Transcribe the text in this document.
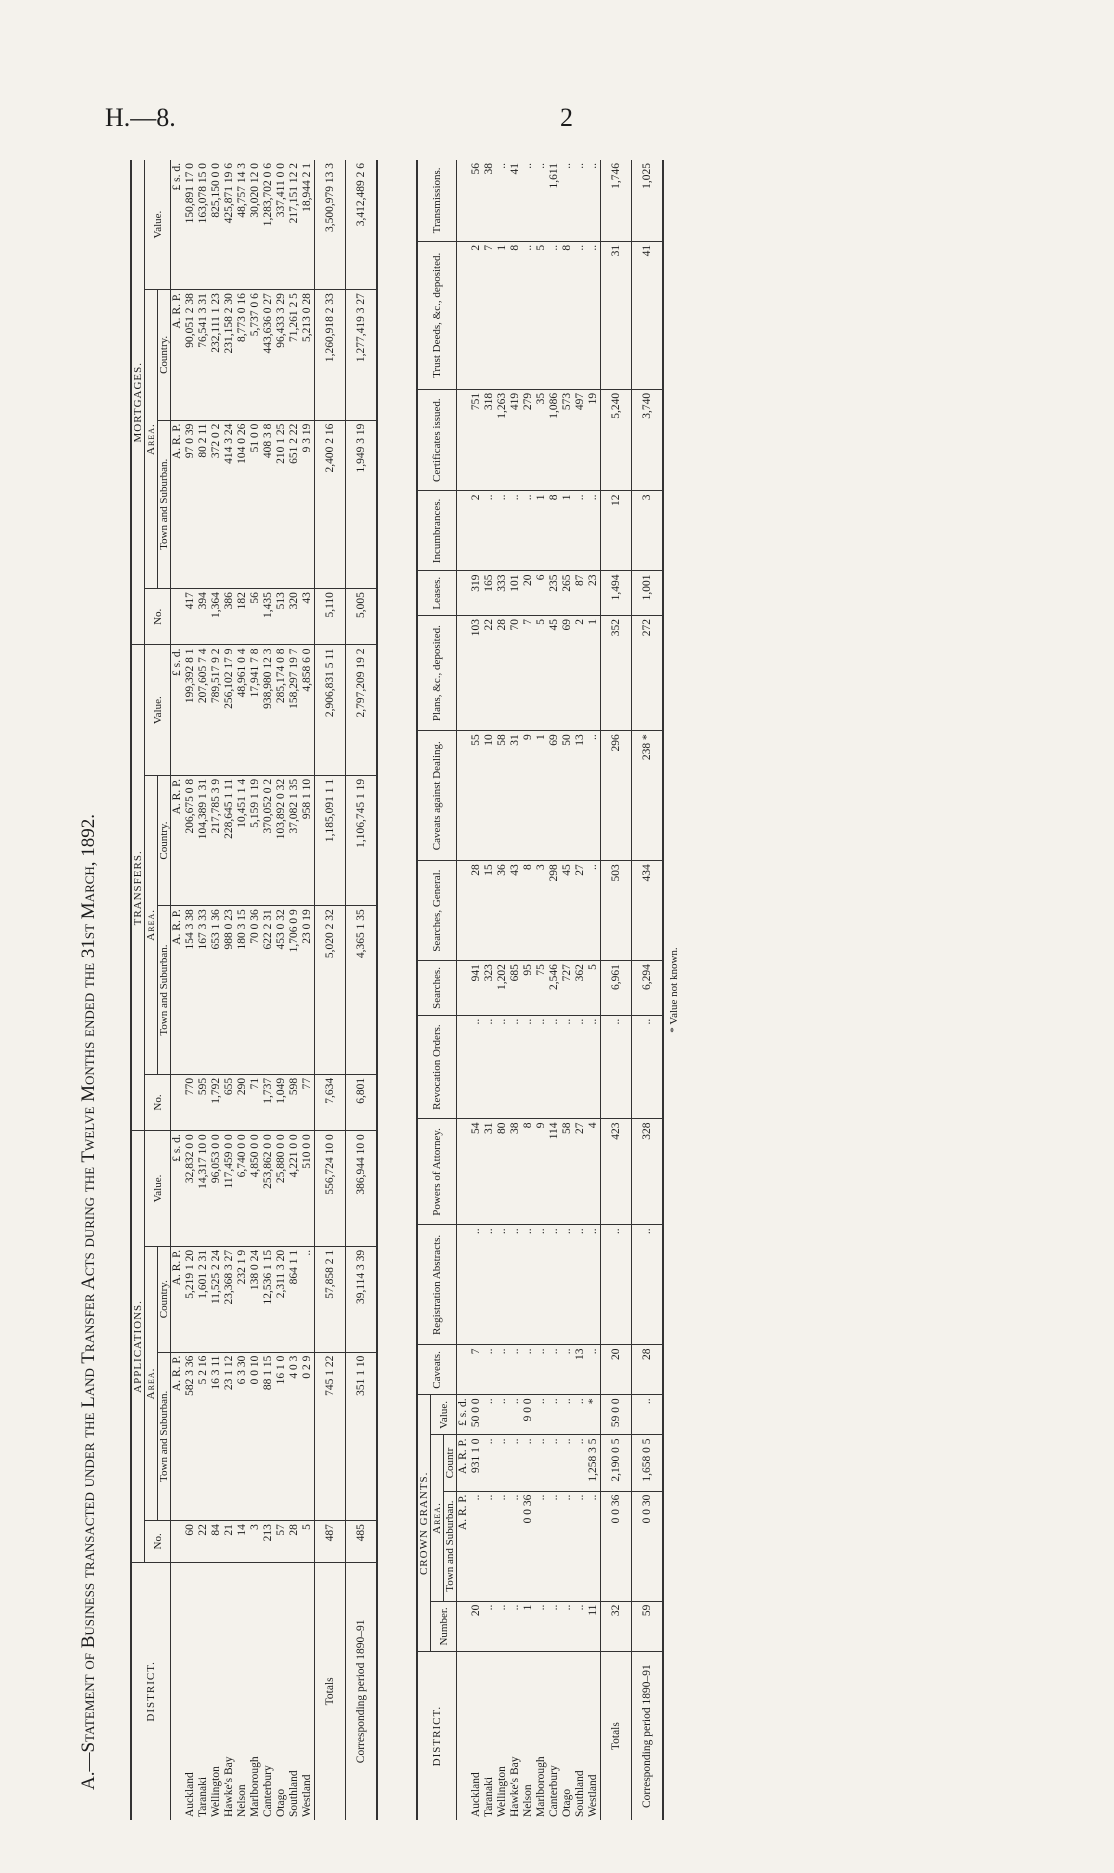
H.—8.	2
A.—Statement of Business transacted under the Land Transfer Acts during the Twelve Months ended the 31st March, 1892.	DISTRICT.	APPLICATIONS.				TRANSFERS.				MORTGAGES.			
	No.	Area.		Value.	No.	Area.		Value.	No.	Area.		Value.
		Town and Suburban.	Country.			Town and Suburban.	Country.			Town and Suburban.	Country.	
		A. R. P.	A. R. P.	£ s. d.		A. R. P.	A. R. P.	£ s. d.		A. R. P.	A. R. P.	£ s. d.
Auckland	60	582 3 36	5,219 1 20	32,832 0 0	770	154 3 38	206,675 0 8	199,392 8 1	417	97 0 39	90,051 2 38	150,891 17 0
Taranaki	22	5 2 16	1,601 2 31	14,317 10 0	595	167 3 33	104,389 1 31	207,605 7 4	394	80 2 11	76,541 3 31	163,078 15 0
Wellington	84	16 3 11	11,525 2 24	96,053 0 0	1,792	653 1 36	217,785 3 9	789,517 9 2	1,364	372 0 2	232,111 1 23	825,150 0 0
Hawke's Bay	21	23 1 12	23,368 3 27	117,459 0 0	655	988 0 23	228,645 1 11	256,102 17 9	386	414 3 24	231,158 2 30	425,871 19 6
Nelson	14	6 3 30	232 1 9	6,740 0 0	290	180 3 15	10,451 1 4	48,961 0 4	182	104 0 26	8,773 0 16	48,757 14 3
Marlborough	3	0 0 10	138 0 24	4,850 0 0	71	70 0 36	5,159 1 19	17,941 7 8	56	51 0 0	5,737 0 6	30,020 12 0
Canterbury	213	88 1 15	12,536 1 15	253,862 0 0	1,737	622 2 31	370,052 0 2	938,980 12 3	1,435	408 3 8	443,636 0 27	1,283,702 0 6
Otago	57	16 1 0	2,311 3 20	25,880 0 0	1,049	453 0 32	103,892 0 32	285,174 0 8	513	210 1 25	96,433 3 29	337,411 0 0
Southland	28	4 0 3	864 1 1	4,221 0 0	598	1,706 0 9	37,082 1 35	158,297 19 7	320	651 2 22	71,261 2 5	217,151 12 2
Westland	5	0 2 9	..	510 0 0	77	23 0 19	958 1 10	4,858 6 0	43	9 3 19	5,213 0 28	18,944 2 1
Totals	487	745 1 22	57,858 2 1	556,724 10 0	7,634	5,020 2 32	1,185,091 1 1	2,906,831 5 11	5,110	2,400 2 16	1,260,918 2 33	3,500,979 13 3
Corresponding period 1890–91	485	351 1 10	39,114 3 39	386,944 10 0	6,801	4,365 1 35	1,106,745 1 19	2,797,209 19 2	5,005	1,949 3 19	1,277,419 3 27	3,412,489 2 6
DISTRICT.	CROWN GRANTS.				Caveats.	Registration Abstracts.	Powers of Attorney.	Revocation Orders.	Searches.	Searches, General.	Caveats against Dealing.	Plans, &c., deposited.	Leases.	Incumbrances.	Certificates issued.	Trust Deeds, &c., deposited.	Transmissions.
	Number.	Area.		Value.													
		Town and Suburban.	Countr														
		A. R. P.	A. R. P.	£ s. d.													
Auckland	20	..	931 1 0	50 0 0	7	..	54	..	941	28	55	103	319	2	751	2	56
Taranaki	..	..	..	..	..	..	31	..	323	15	10	22	165	..	318	7	38
Wellington	..	..	..	..	..	..	80	..	1,202	36	58	28	333	..	1,263	1	..
Hawke's Bay	..	..	..	..	..	..	38	..	685	43	31	70	101	..	419	8	41
Nelson	1	0 0 36	..	9 0 0	..	..	8	..	95	8	9	7	20	..	279	..	..
Marlborough	..	..	..	..	..	..	9	..	75	3	1	5	6	1	35	5	..
Canterbury	..	..	..	..	..	..	114	..	2,546	298	69	45	235	8	1,086	..	1,611
Otago	..	..	..	..	..	..	58	..	727	45	50	69	265	1	573	8	..
Southland	..	..	..	..	13	..	27	..	362	27	13	2	87	..	497	..	..
Westland	11	..	1,258 3 5	*	..	..	4	..	5	..	..	1	23	..	19	..	..
Totals	32	0 0 36	2,190 0 5	59 0 0	20	..	423	..	6,961	503	296	352	1,494	12	5,240	31	1,746
Corresponding period 1890–91	59	0 0 30	1,658 0 5	..	28	..	328	..	6,294	434	238 *	272	1,001	3	3,740	41	1,025
* Value not known.
